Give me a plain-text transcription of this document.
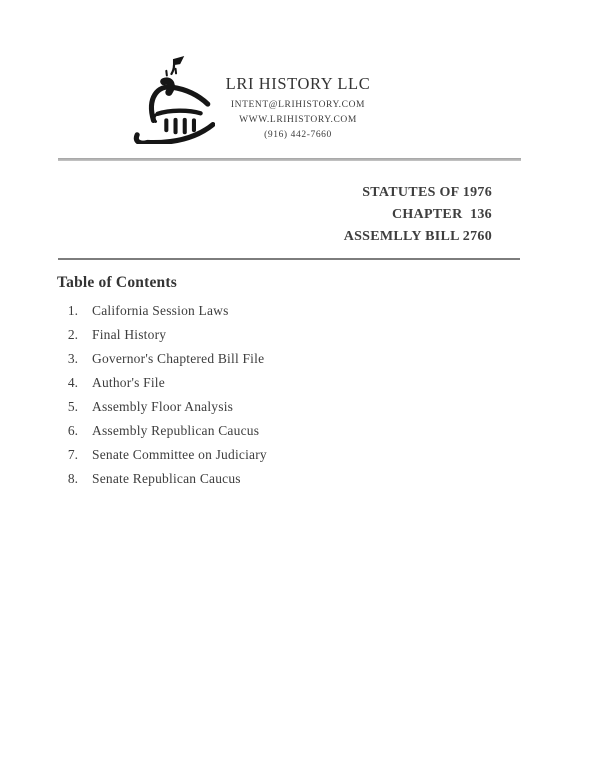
LRI HISTORY LLC
INTENT@LRIHISTORY.COM
WWW.LRIHISTORY.COM
(916) 442-7660
STATUTES OF 1976
CHAPTER  136
ASSEMLLY BILL 2760
Table of Contents
1. California Session Laws
2. Final History
3. Governor's Chaptered Bill File
4. Author's File
5. Assembly Floor Analysis
6. Assembly Republican Caucus
7. Senate Committee on Judiciary
8. Senate Republican Caucus
